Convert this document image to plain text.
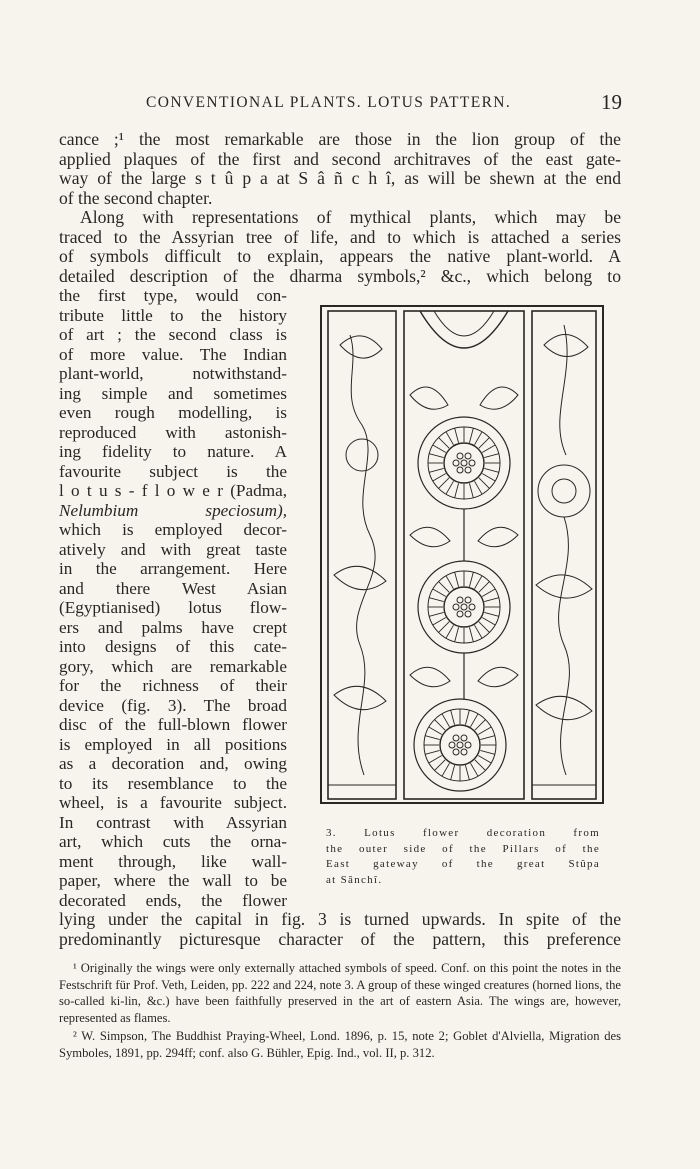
CONVENTIONAL PLANTS. LOTUS PATTERN.	19
cance ;¹ the most remarkable are those in the lion group of the
applied plaques of the first and second architraves of the east gate-
way of the large s t û p a at S â ñ c h î, as will be shewn at the end
of the second chapter.
Along with representations of mythical plants, which may be
traced to the Assyrian tree of life, and to which is attached a series
of symbols difficult to explain, appears the native plant-world. A
detailed description of the dharma symbols,² &c., which belong to
the first type, would con-
tribute little to the history
of art ; the second class is
of more value. The Indian
plant-world, notwithstand-
ing simple and sometimes
even rough modelling, is
reproduced with astonish-
ing fidelity to nature. A
favourite subject is the
l o t u s - f l o w e r (Padma,
Nelumbium speciosum),
which is employed decor-
atively and with great taste
in the arrangement. Here
and there West Asian
(Egyptianised) lotus flow-
ers and palms have crept
into designs of this cate-
gory, which are remarkable
for the richness of their
device (fig. 3). The broad
disc of the full-blown flower
is employed in all positions
as a decoration and, owing
to its resemblance to the
wheel, is a favourite subject.
In contrast with Assyrian
art, which cuts the orna-
ment through, like wall-
paper, where the wall to be
decorated ends, the flower
3. Lotus flower decoration from
the outer side of the Pillars of the
East gateway of the great Stûpa
at Sânchî.
lying under the capital in fig. 3 is turned upwards. In spite of the
predominantly picturesque character of the pattern, this preference
¹ Originally the wings were only externally attached symbols of speed. Conf. on this point the notes in the Festschrift für Prof. Veth, Leiden, pp. 222 and 224, note 3. A group of these winged creatures (horned lions, the so-called ki-lin, &c.) have been faithfully preserved in the art of eastern Asia. The wings are, however, represented as flames.
² W. Simpson, The Buddhist Praying-Wheel, Lond. 1896, p. 15, note 2; Goblet d'Alviella, Migration des Symboles, 1891, pp. 294ff; conf. also G. Bühler, Epig. Ind., vol. II, p. 312.
